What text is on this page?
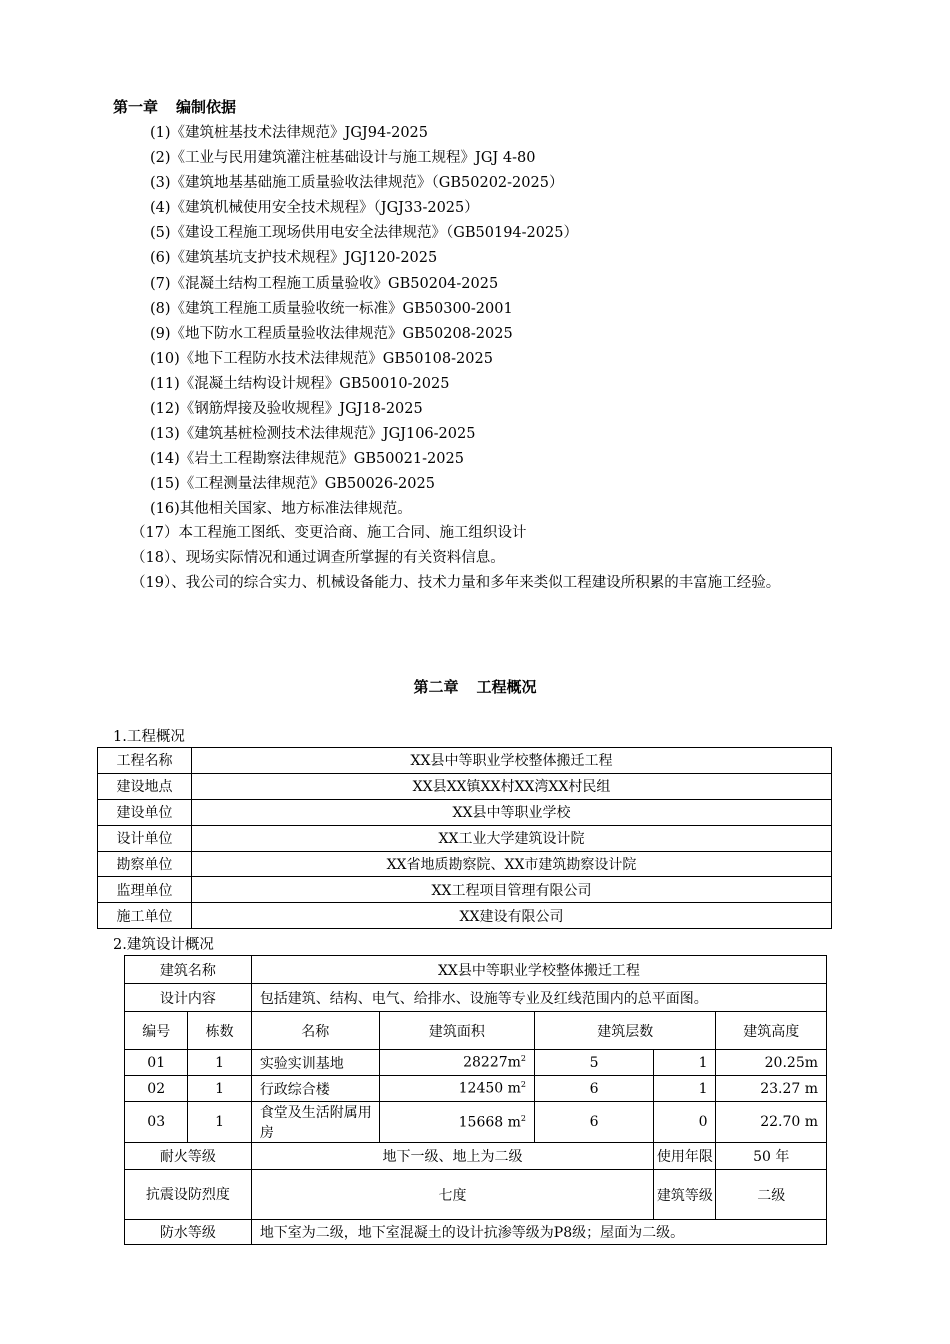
第一章 编制依据
(1)《建筑桩基技术法律规范》JGJ94-2025
(2)《工业与民用建筑灌注桩基础设计与施工规程》JGJ 4-80
(3)《建筑地基基础施工质量验收法律规范》（GB50202-2025）
(4)《建筑机械使用安全技术规程》（JGJ33-2025）
(5)《建设工程施工现场供用电安全法律规范》（GB50194-2025）
(6)《建筑基坑支护技术规程》JGJ120-2025
(7)《混凝土结构工程施工质量验收》GB50204-2025
(8)《建筑工程施工质量验收统一标准》GB50300-2001
(9)《地下防水工程质量验收法律规范》GB50208-2025
(10)《地下工程防水技术法律规范》GB50108-2025
(11)《混凝土结构设计规程》GB50010-2025
(12)《钢筋焊接及验收规程》JGJ18-2025
(13)《建筑基桩检测技术法律规范》JGJ106-2025
(14)《岩土工程勘察法律规范》GB50021-2025
(15)《工程测量法律规范》GB50026-2025
(16)其他相关国家、地方标准法律规范。
（17）本工程施工图纸、变更洽商、施工合同、施工组织设计
（18）、现场实际情况和通过调查所掌握的有关资料信息。
（19）、我公司的综合实力、机械设备能力、技术力量和多年来类似工程建设所积累的丰富施工经验。
第二章 工程概况
1.工程概况
工程名称	XX县中等职业学校整体搬迁工程
建设地点	XX县XX镇XX村XX湾XX村民组
建设单位	XX县中等职业学校
设计单位	XX工业大学建筑设计院
勘察单位	XX省地质勘察院、XX市建筑勘察设计院
监理单位	XX工程项目管理有限公司
施工单位	XX建设有限公司
2.建筑设计概况
建筑名称		XX县中等职业学校整体搬迁工程				
设计内容		包括建筑、结构、电气、给排水、设施等专业及红线范围内的总平面图。				
编号	栋数	名称	建筑面积	建筑层数		建筑高度
01	1	实验实训基地	$28227m^2$	5	1	20.25m
02	1	行政综合楼	12450 $m^2$	6	1	23.27 m
03	1	食堂及生活附属用房	15668 $m^2$	6	0	22.70 m
耐火等级		地下一级、地上为二级			使用年限	50 年
抗震设防烈度		七度			建筑等级	二级
防水等级		地下室为二级，地下室混凝土的设计抗渗等级为P8级；屋面为二级。				
